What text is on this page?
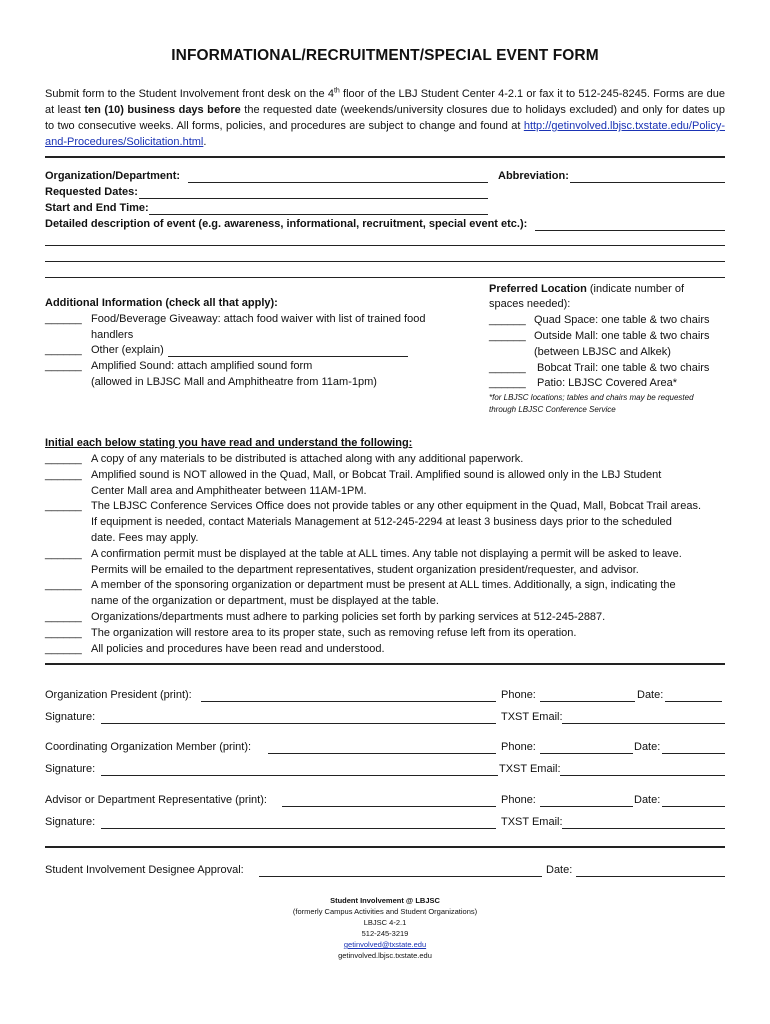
INFORMATIONAL/RECRUITMENT/SPECIAL EVENT FORM
Submit form to the Student Involvement front desk on the 4th floor of the LBJ Student Center 4-2.1 or fax it to 512-245-8245. Forms are due at least ten (10) business days before the requested date (weekends/university closures due to holidays excluded) and only for dates up to two consecutive weeks. All forms, policies, and procedures are subject to change and found at http://getinvolved.lbjsc.txstate.edu/Policy-and-Procedures/Solicitation.html.
Organization/Department:	Abbreviation:
Requested Dates:
Start and End Time:
Detailed description of event (e.g. awareness, informational, recruitment, special event etc.):
Additional Information (check all that apply):
______ Food/Beverage Giveaway: attach food waiver with list of trained food
handlers
______ Other (explain)
______ Amplified Sound: attach amplified sound form
(allowed in LBJSC Mall and Amphitheatre from 11am-1pm)
Preferred Location (indicate number of
spaces needed):
______ Quad Space: one table & two chairs
______ Outside Mall: one table & two chairs
(between LBJSC and Alkek)
______ Bobcat Trail: one table & two chairs
______ Patio: LBJSC Covered Area*
*for LBJSC locations; tables and chairs may be requested
through LBJSC Conference Service
Initial each below stating you have read and understand the following:
______ A copy of any materials to be distributed is attached along with any additional paperwork.
______ Amplified sound is NOT allowed in the Quad, Mall, or Bobcat Trail. Amplified sound is allowed only in the LBJ Student
Center Mall area and Amphitheater between 11AM-1PM.
______ The LBJSC Conference Services Office does not provide tables or any other equipment in the Quad, Mall, Bobcat Trail areas.
If equipment is needed, contact Materials Management at 512-245-2294 at least 3 business days prior to the scheduled
date. Fees may apply.
______ A confirmation permit must be displayed at the table at ALL times. Any table not displaying a permit will be asked to leave.
Permits will be emailed to the department representatives, student organization president/requester, and advisor.
______ A member of the sponsoring organization or department must be present at ALL times. Additionally, a sign, indicating the
name of the organization or department, must be displayed at the table.
______ Organizations/departments must adhere to parking policies set forth by parking services at 512-245-2887.
______ The organization will restore area to its proper state, such as removing refuse left from its operation.
______ All policies and procedures have been read and understood.
Organization President (print):	Phone:	Date:
Signature:	TXST Email:
Coordinating Organization Member (print):	Phone:	Date:
Signature:	TXST Email:
Advisor or Department Representative (print):	Phone:	Date:
Signature:	TXST Email:
Student Involvement Designee Approval:	Date:
Student Involvement @ LBJSC
(formerly Campus Activities and Student Organizations)
LBJSC 4-2.1
512-245-3219
getinvolved@txstate.edu
getinvolved.lbjsc.txstate.edu
